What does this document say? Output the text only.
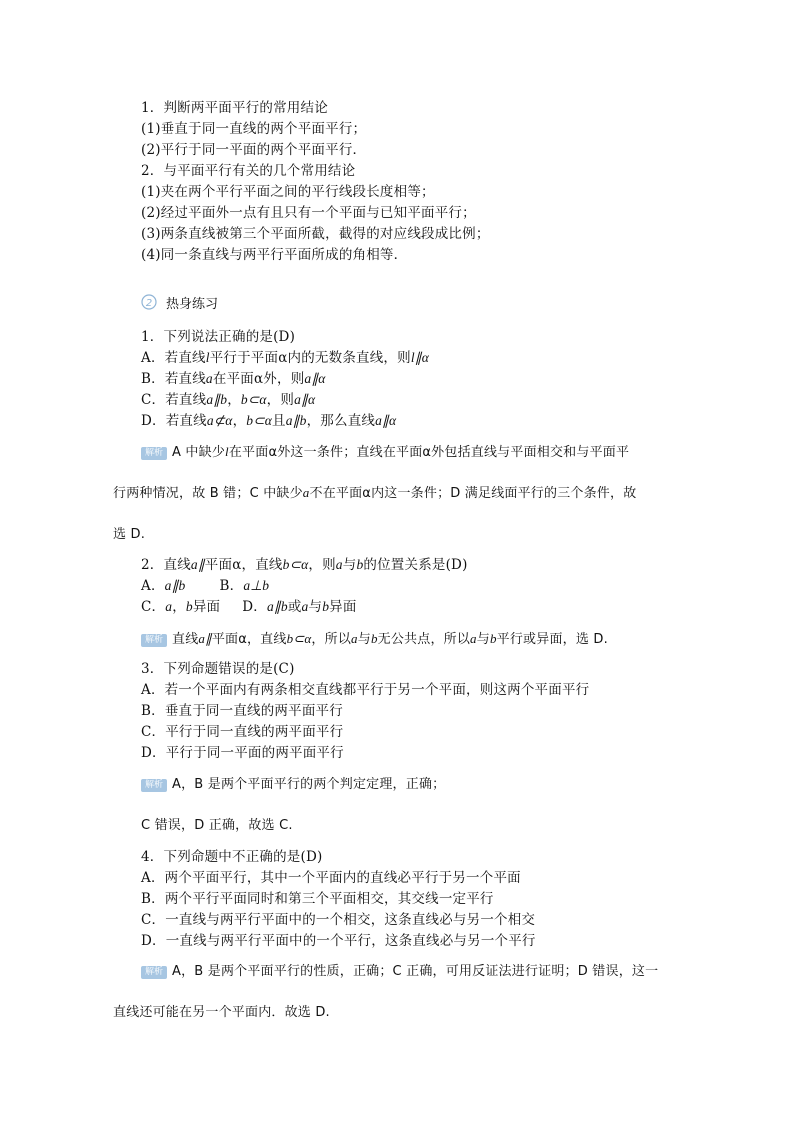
1．判断两平面平行的常用结论
(1)垂直于同一直线的两个平面平行；
(2)平行于同一平面的两个平面平行．
2．与平面平行有关的几个常用结论
(1)夹在两个平行平面之间的平行线段长度相等；
(2)经过平面外一点有且只有一个平面与已知平面平行；
(3)两条直线被第三个平面所截，截得的对应线段成比例；
(4)同一条直线与两平行平面所成的角相等．
2 热身练习
1．下列说法正确的是(D)
A．若直线l平行于平面α内的无数条直线，则l∥α
B．若直线a在平面α外，则a∥α
C．若直线a∥b，b⊂α，则a∥α
D．若直线a⊄α，b⊂α且a∥b，那么直线a∥α
解析 A 中缺少l在平面α外这一条件；直线在平面α外包括直线与平面相交和与平面平
行两种情况，故 B 错；C 中缺少a不在平面α内这一条件；D 满足线面平行的三个条件，故
选 D.
2．直线a∥平面α，直线b⊂α，则a与b的位置关系是(D)
A．a∥b	B．a⊥b
C．a，b异面 D．a∥b或a与b异面
解析 直线a∥平面α，直线b⊂α，所以a与b无公共点，所以a与b平行或异面，选 D.
3．下列命题错误的是(C)
A．若一个平面内有两条相交直线都平行于另一个平面，则这两个平面平行
B．垂直于同一直线的两平面平行
C．平行于同一直线的两平面平行
D．平行于同一平面的两平面平行
解析 A，B 是两个平面平行的两个判定定理，正确；
C 错误，D 正确，故选 C.
4．下列命题中不正确的是(D)
A．两个平面平行，其中一个平面内的直线必平行于另一个平面
B．两个平行平面同时和第三个平面相交，其交线一定平行
C．一直线与两平行平面中的一个相交，这条直线必与另一个相交
D．一直线与两平行平面中的一个平行，这条直线必与另一个平行
解析 A，B 是两个平面平行的性质，正确；C 正确，可用反证法进行证明；D 错误，这一
直线还可能在另一个平面内．故选 D.
